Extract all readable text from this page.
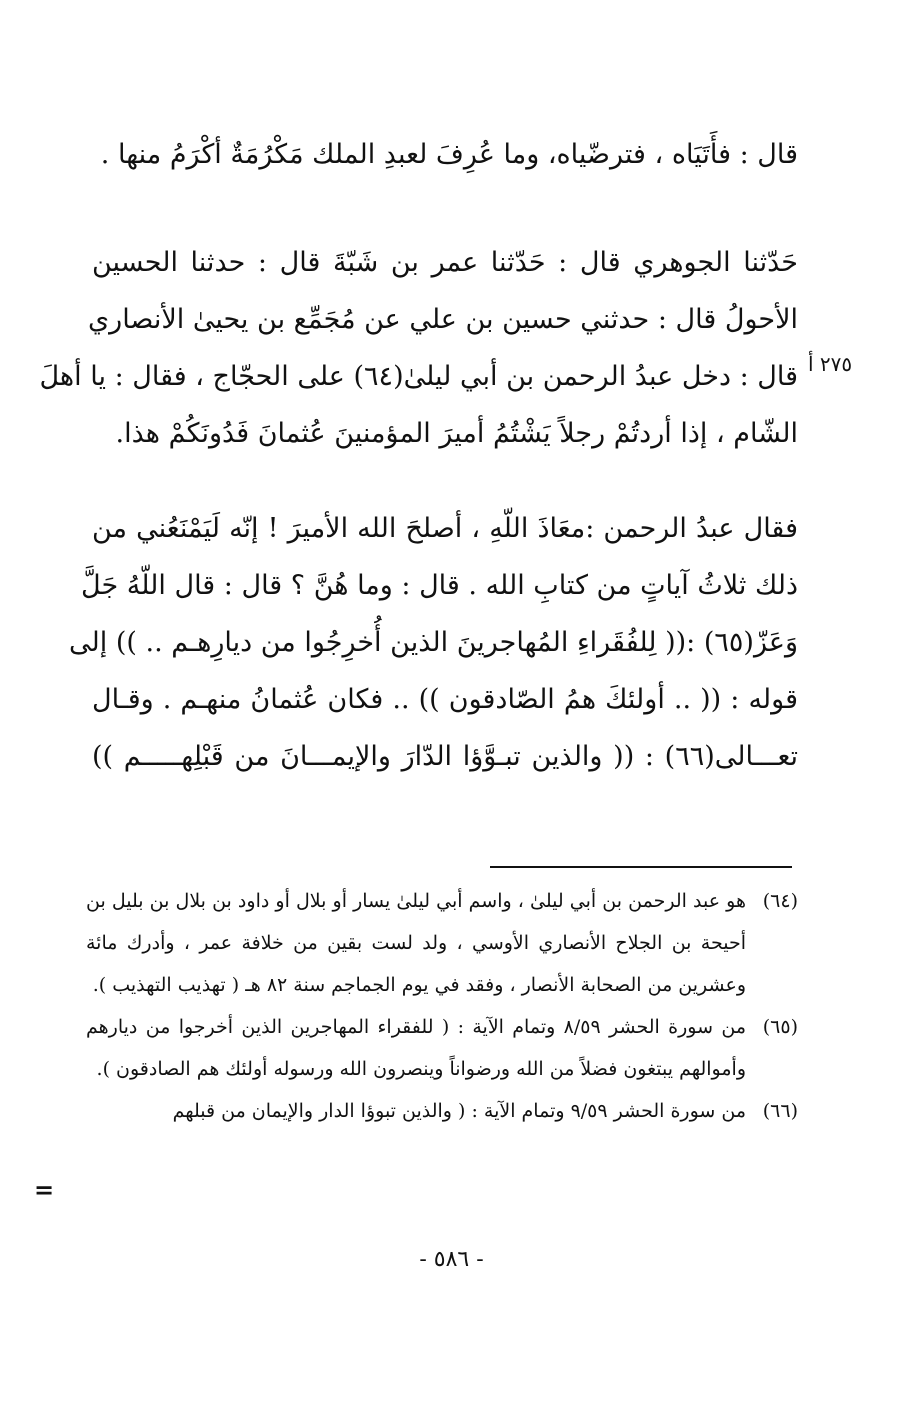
قال : فأَتَيَاه ، فترضّياه، وما عُرِفَ لعبدِ الملك مَكْرُمَةٌ أكْرَمُ منها .
حَدّثنا الجوهري قال : حَدّثنا عمر بن شَبّةَ قال : حدثنا الحسين
الأحولُ قال : حدثني حسين بن علي عن مُجَمِّع بن يحيىٰ الأنصاري
قال : دخل عبدُ الرحمن بن أبي ليلىٰ(٦٤) على الحجّاج ، فقال : يا أهلَ
الشّام ، إذا أردتُمْ رجلاً يَشْتُمُ أميرَ المؤمنينَ عُثمانَ فَدُونَكُمْ هذا.
٢٧٥ أ
فقال عبدُ الرحمن :معَاذَ اللّهِ ، أصلحَ الله الأميرَ ! إنّه لَيَمْنَعُني من
ذلك ثلاثُ آياتٍ من كتابِ الله . قال : وما هُنَّ ؟ قال : قال اللّهُ جَلَّ
وَعَزّ(٦٥) :(( لِلفُقَراءِ المُهاجرينَ الذين أُخرِجُوا من ديارِهـم .. )) إلى
قوله : (( .. أولئكَ همُ الصّادقون )) .. فكان عُثمانُ منهـم . وقـال
تعـــالى(٦٦) : (( والذين تبـوَّؤا الدّارَ والإيمـــانَ من قَبْلِهـــــم ))
(٦٤)
هو عبد الرحمن بن أبي ليلىٰ ، واسم أبي ليلىٰ يسار أو بلال أو داود بن بلال بن بليل بن أحيحة بن الجلاح الأنصاري الأوسي ، ولد لست بقين من خلافة عمر ، وأدرك مائة وعشرين من الصحابة الأنصار ، وفقد في يوم الجماجم سنة ٨٢ هـ ( تهذيب التهذيب ).
(٦٥)
من سورة الحشر ٨/٥٩ وتمام الآية : ( للفقراء المهاجرين الذين أخرجوا من ديارهم وأموالهم يبتغون فضلاً من الله ورضواناً وينصرون الله ورسوله أولئك هم الصادقون ).
(٦٦)
من سورة الحشر ٩/٥٩ وتمام الآية : ( والذين تبوؤا الدار والإيمان من قبلهم
=
- ٥٨٦ -
